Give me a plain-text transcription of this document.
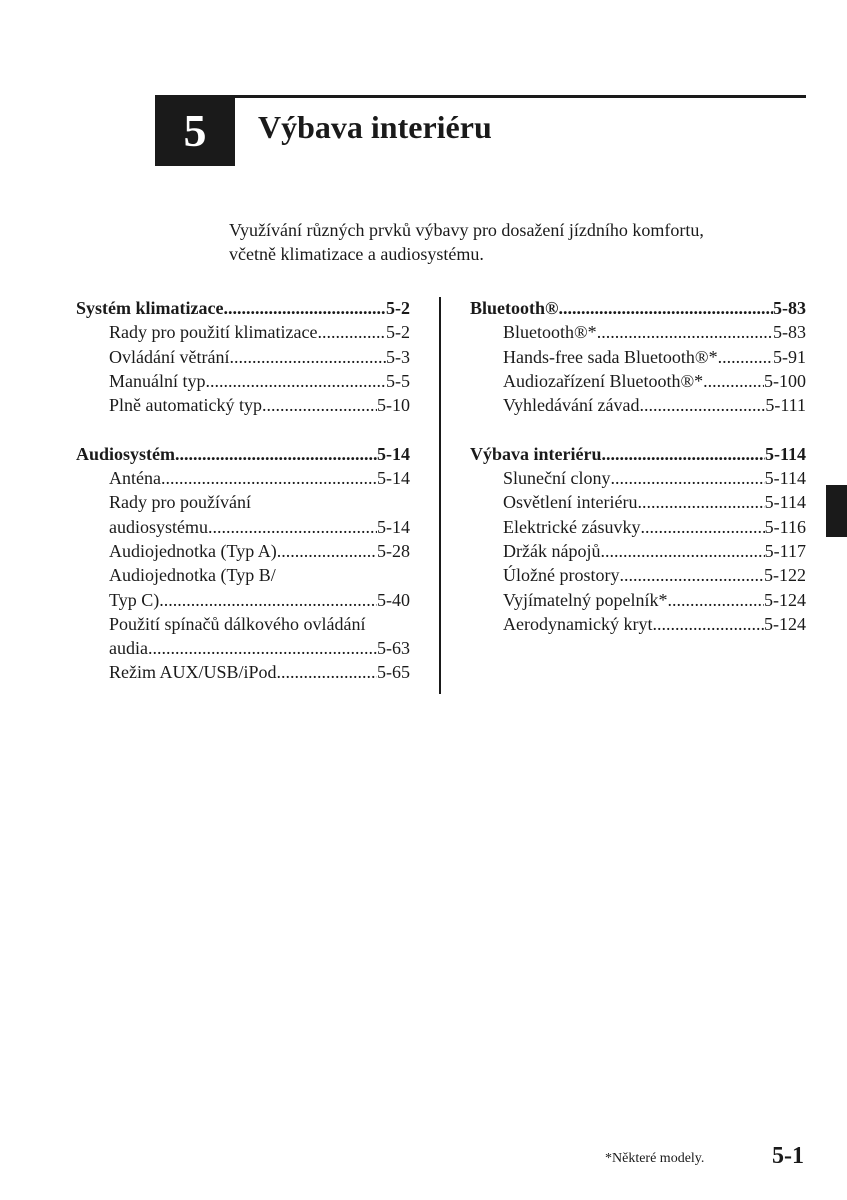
5 Výbava interiéru
Využívání různých prvků výbavy pro dosažení jízdního komfortu,
včetně klimatizace a audiosystému.
Systém klimatizace .....	5-2
Rady pro použití klimatizace .....	5-2
Ovládání větrání .....	5-3
Manuální typ .....	5-5
Plně automatický typ .....	5-10
Audiosystém .....	5-14
Anténa .....	5-14
Rady pro používání
audiosystému .....	5-14
Audiojednotka (Typ A) .....	5-28
Audiojednotka (Typ B/
Typ C) .....	5-40
Použití spínačů dálkového ovládání
audia .....	5-63
Režim AUX/USB/iPod .....	5-65
Bluetooth® .....	5-83
Bluetooth®* .....	5-83
Hands-free sada Bluetooth®* .....	5-91
Audiozařízení Bluetooth®* .....	5-100
Vyhledávání závad .....	5-111
Výbava interiéru .....	5-114
Sluneční clony .....	5-114
Osvětlení interiéru .....	5-114
Elektrické zásuvky .....	5-116
Držák nápojů .....	5-117
Úložné prostory .....	5-122
Vyjímatelný popelník* .....	5-124
Aerodynamický kryt .....	5-124
*Některé modely.	5-1
